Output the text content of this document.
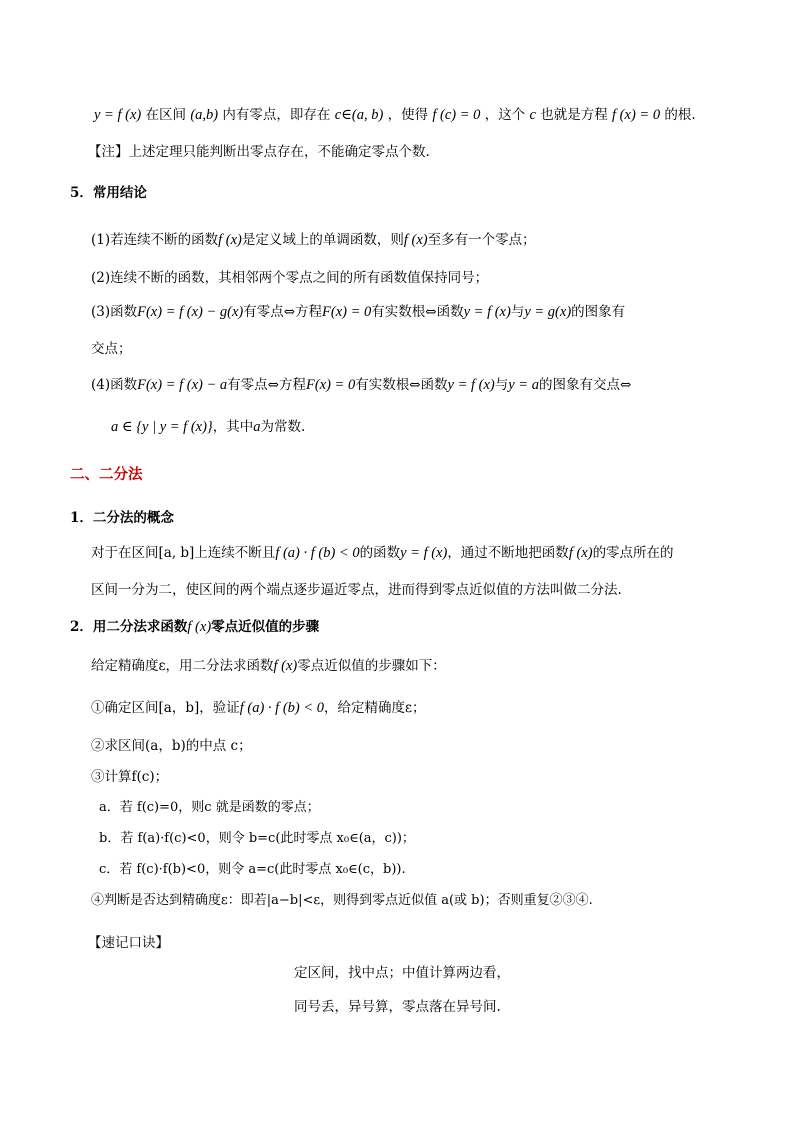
y = f (x) 在区间 (a,b) 内有零点，即存在 c∈(a, b) ，使得 f (c) = 0 ，这个 c 也就是方程 f (x) = 0 的根.
【注】上述定理只能判断出零点存在，不能确定零点个数.
5．常用结论
(1)若连续不断的函数f (x)是定义域上的单调函数，则f (x)至多有一个零点；
(2)连续不断的函数，其相邻两个零点之间的所有函数值保持同号；
(3)函数F(x) = f (x) − g(x)有零点⇔方程F(x) = 0有实数根⇔函数y = f (x)与y = g(x)的图象有
交点；
(4)函数F(x) = f (x) − a有零点⇔方程F(x) = 0有实数根⇔函数y = f (x)与y = a的图象有交点⇔
a ∈ {y | y = f (x)}，其中a为常数.
二、二分法
1．二分法的概念
对于在区间[a, b]上连续不断且f (a) · f (b) < 0的函数y = f (x)，通过不断地把函数f (x)的零点所在的
区间一分为二，使区间的两个端点逐步逼近零点，进而得到零点近似值的方法叫做二分法.
2．用二分法求函数f (x)零点近似值的步骤
给定精确度ε，用二分法求函数f (x)零点近似值的步骤如下：
①确定区间[a，b]，验证f (a) · f (b) < 0，给定精确度ε；
②求区间(a，b)的中点 c；
③计算f(c)；
a．若 f(c)=0，则c 就是函数的零点；
b．若 f(a)·f(c)<0，则令 b=c(此时零点 x₀∈(a，c))；
c．若 f(c)·f(b)<0，则令 a=c(此时零点 x₀∈(c，b)).
④判断是否达到精确度ε：即若|a−b|<ε，则得到零点近似值 a(或 b)；否则重复②③④.
【速记口诀】
定区间，找中点；中值计算两边看，
同号丢，异号算，零点落在异号间.
